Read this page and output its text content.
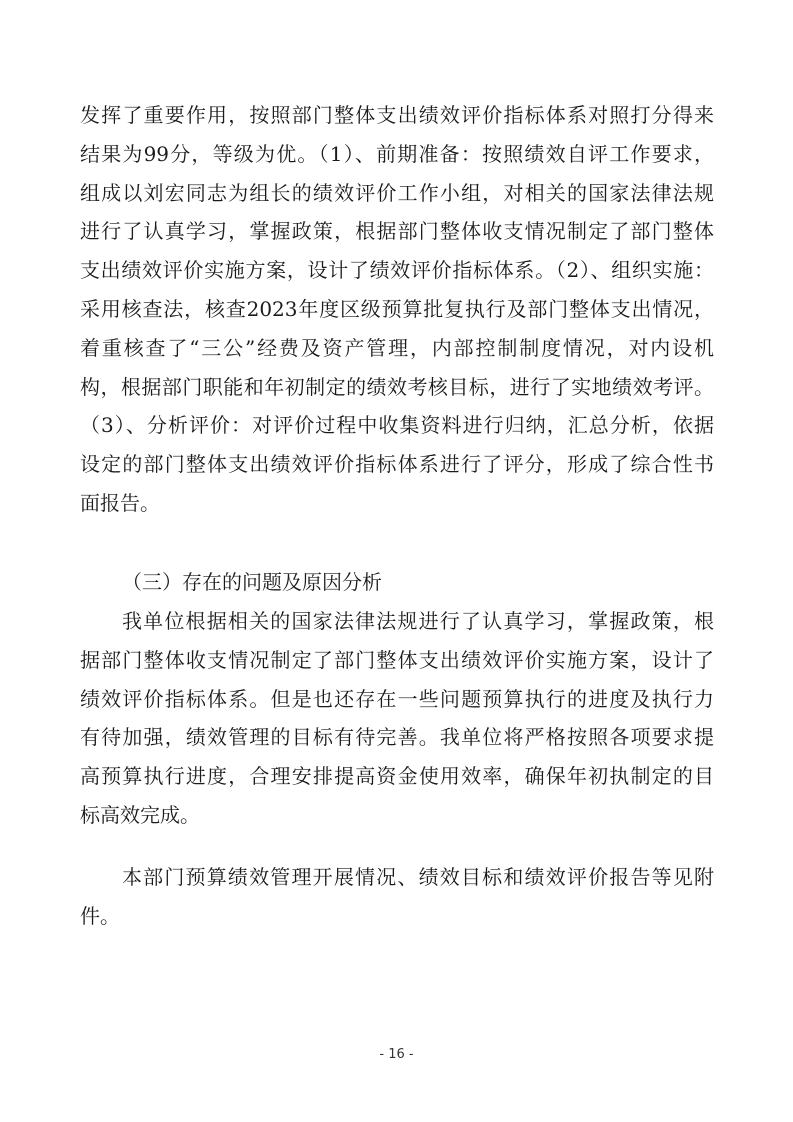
发挥了重要作用，按照部门整体支出绩效评价指标体系对照打分得来
结果为99分，等级为优。（1）、前期准备：按照绩效自评工作要求，
组成以刘宏同志为组长的绩效评价工作小组，对相关的国家法律法规
进行了认真学习，掌握政策，根据部门整体收支情况制定了部门整体
支出绩效评价实施方案，设计了绩效评价指标体系。（2）、组织实施：
采用核查法，核查2023年度区级预算批复执行及部门整体支出情况，
着重核查了“三公”经费及资产管理，内部控制制度情况，对内设机
构，根据部门职能和年初制定的绩效考核目标，进行了实地绩效考评。
（3）、分析评价：对评价过程中收集资料进行归纳，汇总分析，依据
设定的部门整体支出绩效评价指标体系进行了评分，形成了综合性书
面报告。
（三）存在的问题及原因分析
我单位根据相关的国家法律法规进行了认真学习，掌握政策，根
据部门整体收支情况制定了部门整体支出绩效评价实施方案，设计了
绩效评价指标体系。但是也还存在一些问题预算执行的进度及执行力
有待加强，绩效管理的目标有待完善。我单位将严格按照各项要求提
高预算执行进度，合理安排提高资金使用效率，确保年初执制定的目
标高效完成。
本部门预算绩效管理开展情况、绩效目标和绩效评价报告等见附
件。
- 16 -
